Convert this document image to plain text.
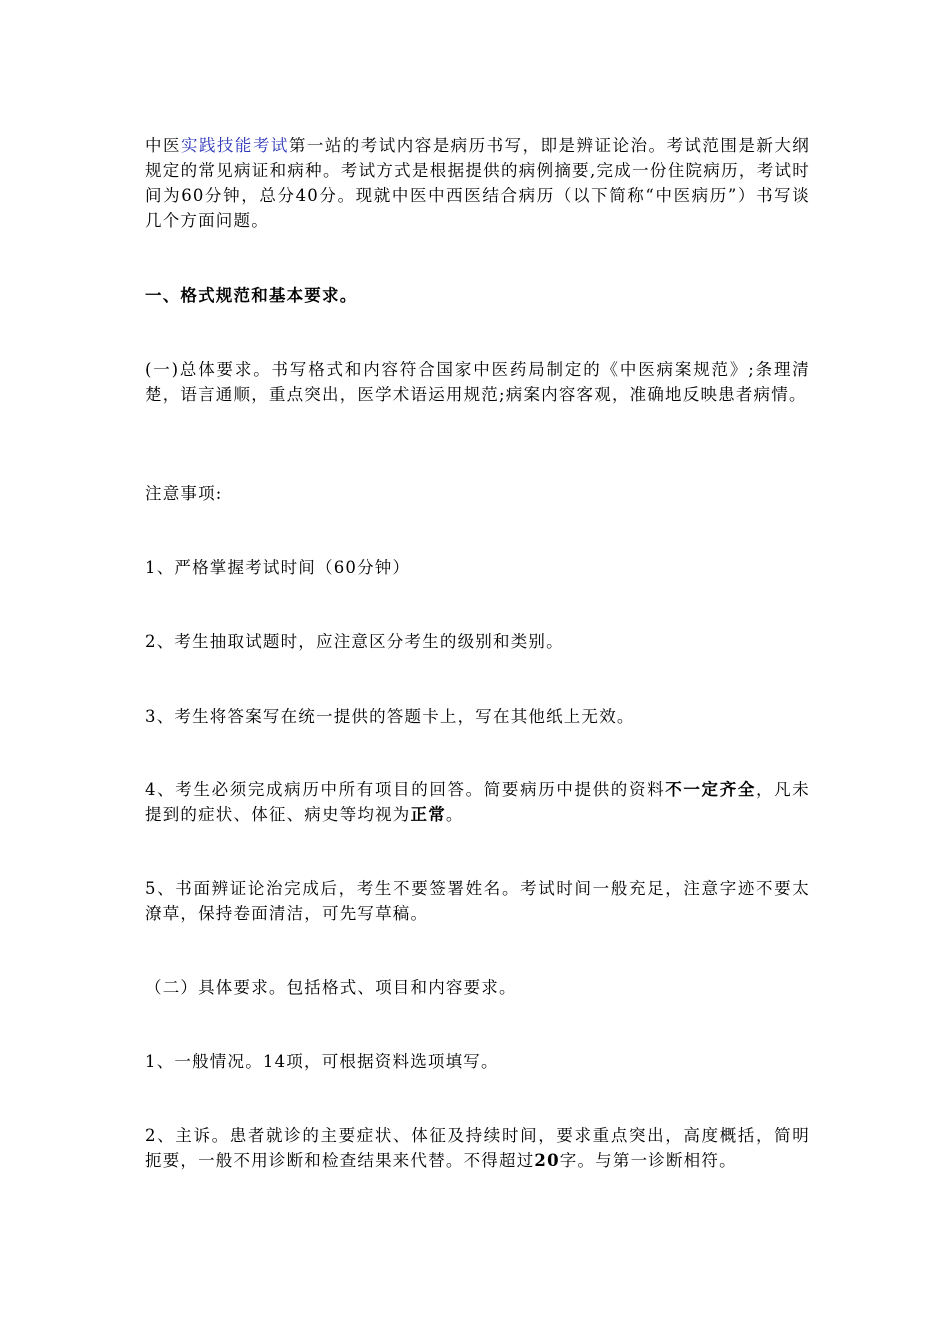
中医实践技能考试第一站的考试内容是病历书写，即是辨证论治。考试范围是新大纲规定的常见病证和病种。考试方式是根据提供的病例摘要,完成一份住院病历，考试时间为60分钟，总分40分。现就中医中西医结合病历（以下简称“中医病历”）书写谈几个方面问题。

一、格式规范和基本要求。

(一)总体要求。书写格式和内容符合国家中医药局制定的《中医病案规范》;条理清楚，语言通顺，重点突出，医学术语运用规范;病案内容客观，准确地反映患者病情。

注意事项:

1、严格掌握考试时间（60分钟）

2、考生抽取试题时，应注意区分考生的级别和类别。

3、考生将答案写在统一提供的答题卡上，写在其他纸上无效。

4、考生必须完成病历中所有项目的回答。简要病历中提供的资料不一定齐全，凡未提到的症状、体征、病史等均视为正常。

5、书面辨证论治完成后，考生不要签署姓名。考试时间一般充足，注意字迹不要太潦草，保持卷面清洁，可先写草稿。

（二）具体要求。包括格式、项目和内容要求。

1、一般情况。14项，可根据资料选项填写。

2、主诉。患者就诊的主要症状、体征及持续时间，要求重点突出，高度概括，简明扼要，一般不用诊断和检查结果来代替。不得超过20字。与第一诊断相符。
